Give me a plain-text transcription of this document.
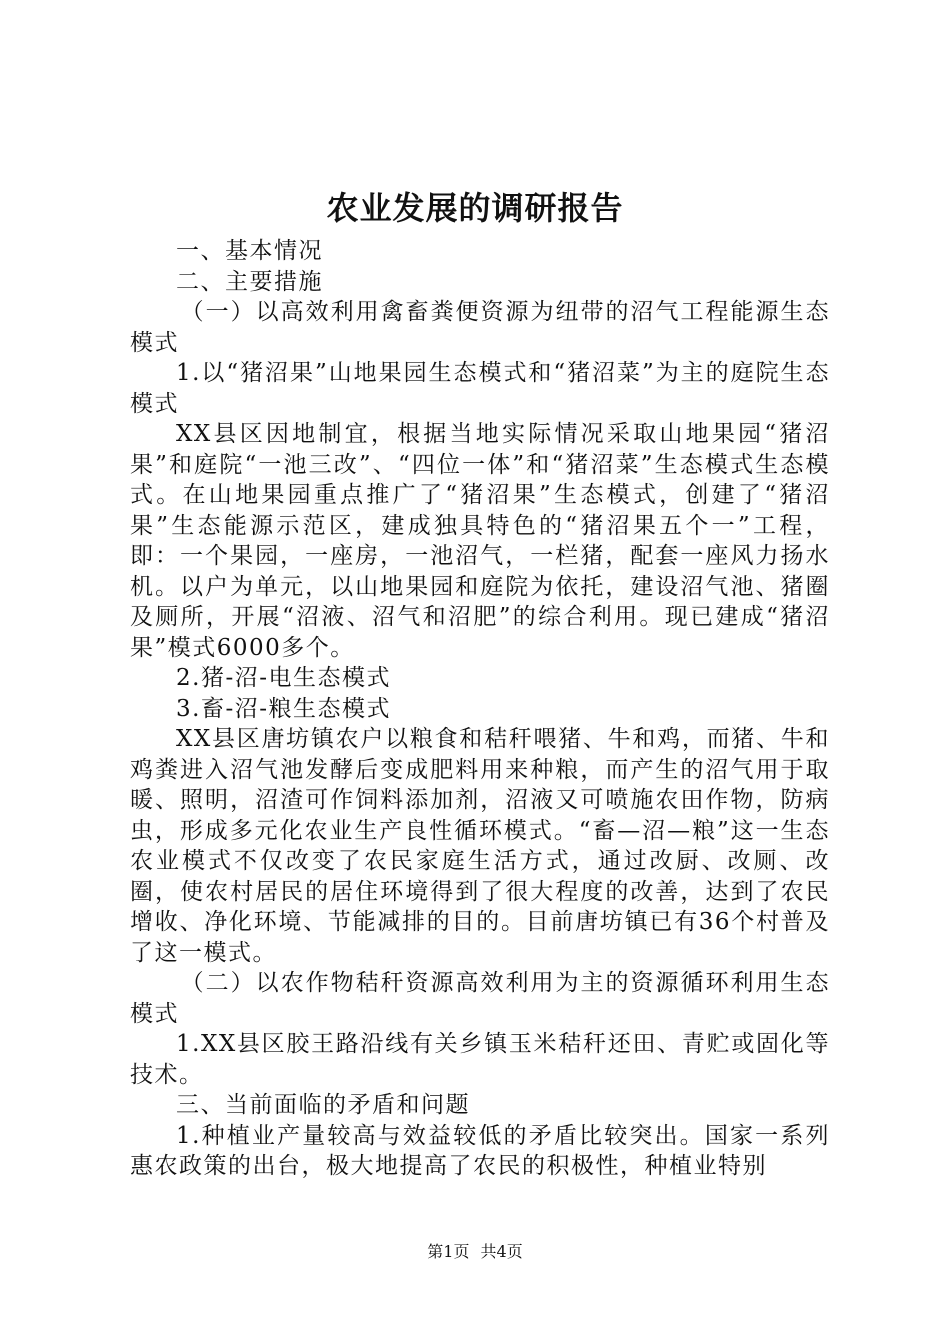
农业发展的调研报告

一、基本情况

二、主要措施

（一）以高效利用禽畜粪便资源为纽带的沼气工程能源生态模式

1.以“猪沼果”山地果园生态模式和“猪沼菜”为主的庭院生态模式

XX县区因地制宜，根据当地实际情况采取山地果园“猪沼果”和庭院“一池三改”、“四位一体”和“猪沼菜”生态模式生态模式。在山地果园重点推广了“猪沼果”生态模式，创建了“猪沼果”生态能源示范区，建成独具特色的“猪沼果五个一”工程，即：一个果园，一座房，一池沼气，一栏猪，配套一座风力扬水机。以户为单元，以山地果园和庭院为依托，建设沼气池、猪圈及厕所，开展“沼液、沼气和沼肥”的综合利用。现已建成“猪沼果”模式6000多个。

2.猪-沼-电生态模式

3.畜-沼-粮生态模式

XX县区唐坊镇农户以粮食和秸秆喂猪、牛和鸡，而猪、牛和鸡粪进入沼气池发酵后变成肥料用来种粮，而产生的沼气用于取暖、照明，沼渣可作饲料添加剂，沼液又可喷施农田作物，防病虫，形成多元化农业生产良性循环模式。“畜—沼—粮”这一生态农业模式不仅改变了农民家庭生活方式，通过改厨、改厕、改圈，使农村居民的居住环境得到了很大程度的改善，达到了农民增收、净化环境、节能减排的目的。目前唐坊镇已有36个村普及了这一模式。

（二）以农作物秸秆资源高效利用为主的资源循环利用生态模式

1.XX县区胶王路沿线有关乡镇玉米秸秆还田、青贮或固化等技术。

三、当前面临的矛盾和问题

1.种植业产量较高与效益较低的矛盾比较突出。国家一系列惠农政策的出台，极大地提高了农民的积极性，种植业特别

第1页 共4页
